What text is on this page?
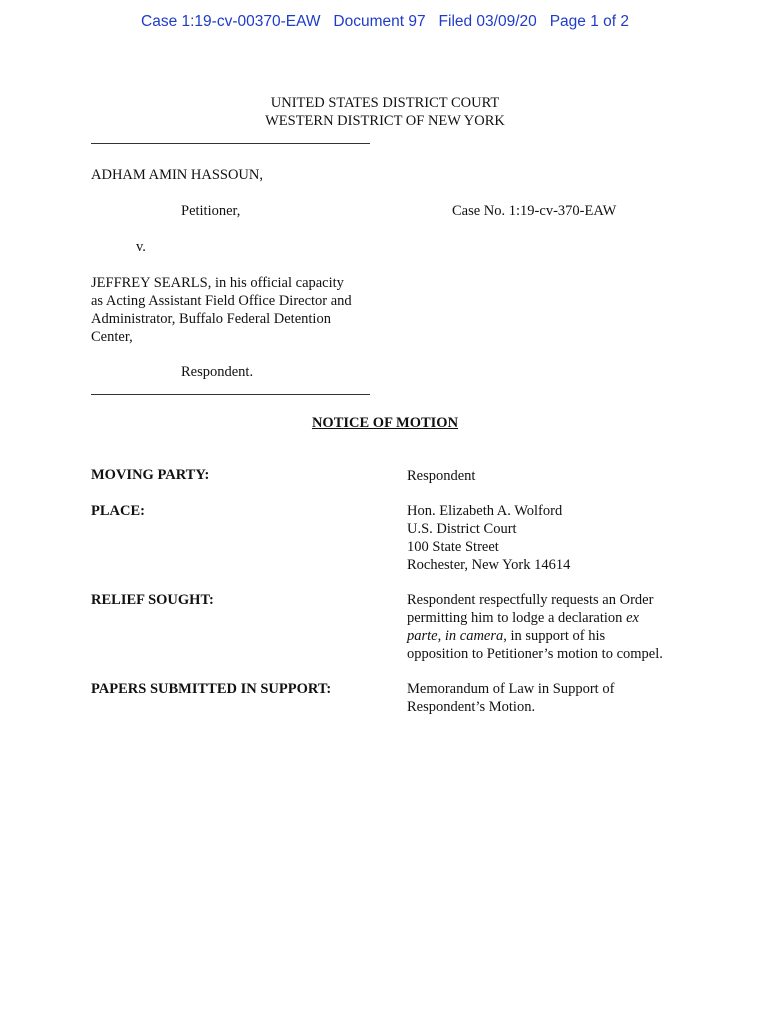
Case 1:19-cv-00370-EAW Document 97 Filed 03/09/20 Page 1 of 2
UNITED STATES DISTRICT COURT
WESTERN DISTRICT OF NEW YORK
ADHAM AMIN HASSOUN,
Petitioner,	Case No. 1:19-cv-370-EAW
v.
JEFFREY SEARLS, in his official capacity
as Acting Assistant Field Office Director and
Administrator, Buffalo Federal Detention
Center,
Respondent.
NOTICE OF MOTION
MOVING PARTY:	Respondent
PLACE:	Hon. Elizabeth A. Wolford
U.S. District Court
100 State Street
Rochester, New York 14614
RELIEF SOUGHT:	Respondent respectfully requests an Order
permitting him to lodge a declaration ex
parte, in camera, in support of his
opposition to Petitioner’s motion to compel.
PAPERS SUBMITTED IN SUPPORT:	Memorandum of Law in Support of
Respondent’s Motion.
